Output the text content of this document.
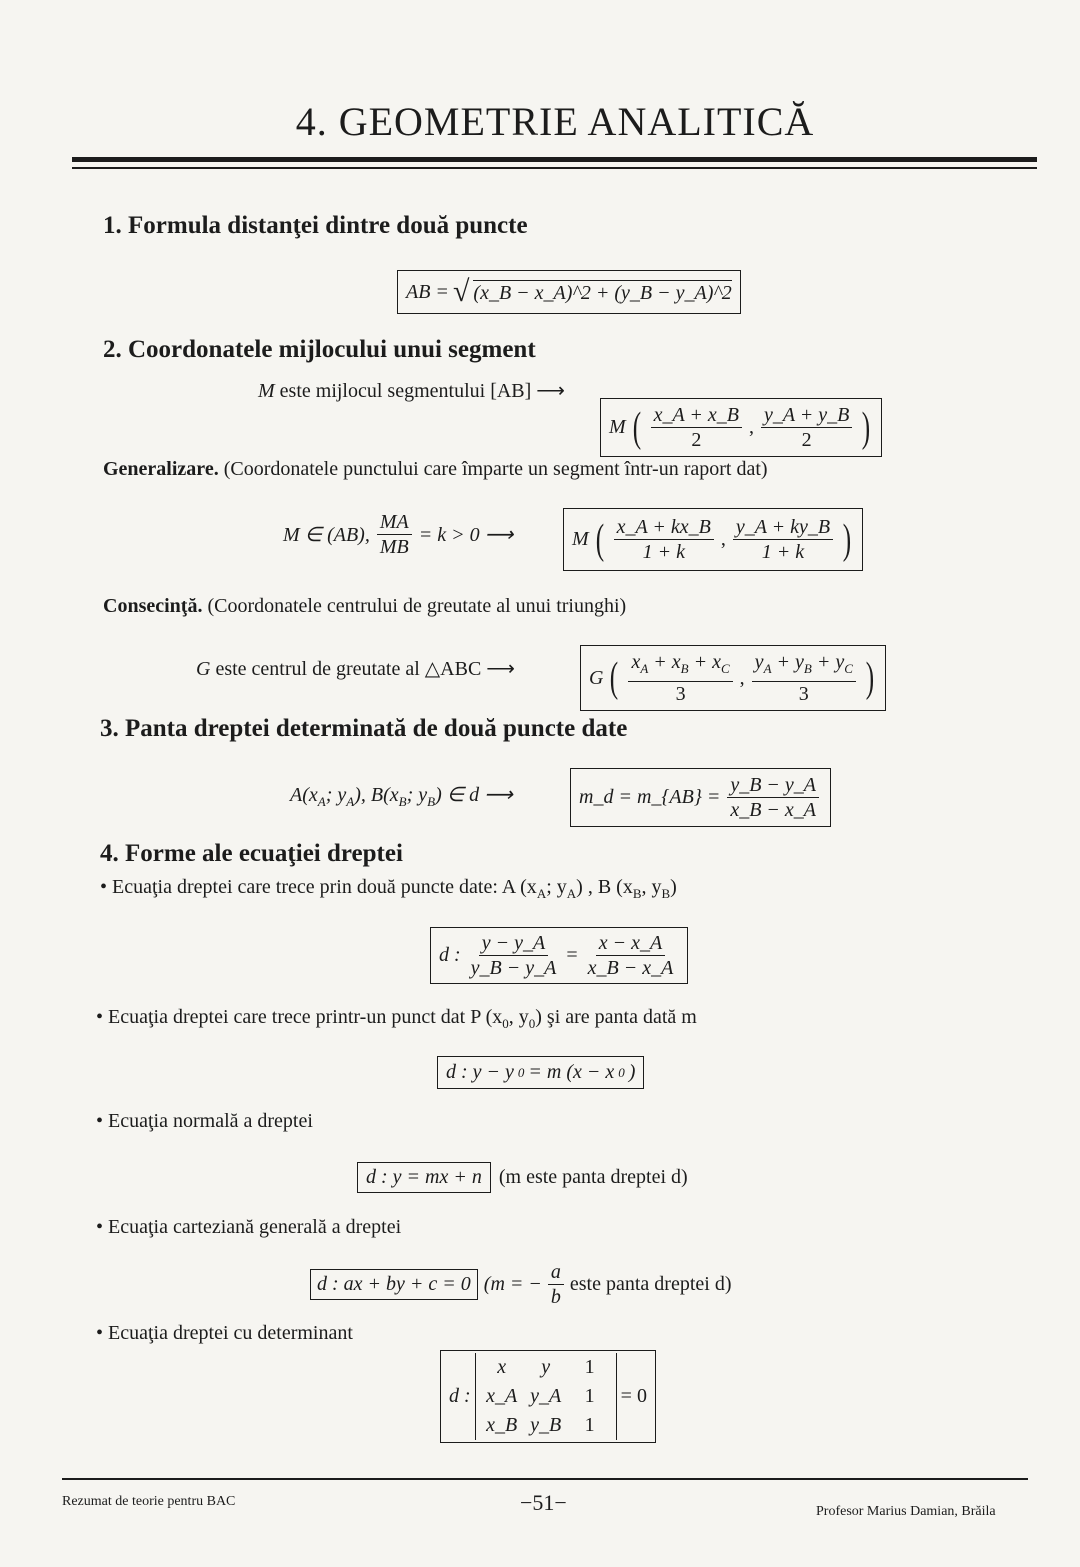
4. GEOMETRIE ANALITICĂ
1. Formula distanţei dintre două puncte
AB = √ (x_B − x_A)^2 + (y_B − y_A)^2
2. Coordonatele mijlocului unui segment
M este mijlocul segmentului [AB] ⟶
M ( $\frac{x\_A + x\_B}{2}$ , $\frac{y\_A + y\_B}{2}$ )
Generalizare. (Coordonatele punctului care împarte un segment într-un raport dat)
M ∈ (AB), $\frac{MA}{MB} = k > 0$ ⟶	M ( $\frac{x\_A + kx\_B}{1 + k}$ , $\frac{y\_A + ky\_B}{1 + k}$ )
Consecinţă. (Coordonatele centrului de greutate al unui triunghi)
G este centrul de greutate al △ABC ⟶	G ( $\frac{x_A + x_B + x_C}{3}$ , $\frac{y_A + y_B + y_C}{3}$ )
3. Panta dreptei determinată de două puncte date
$A(x_A$; $y_A$), $B(x_B$; $y_B$) ∈ d ⟶	m_d = m_{AB} = $\frac{y\_B - y\_A}{x\_B - x\_A}$
4. Forme ale ecuaţiei dreptei
• Ecuaţia dreptei care trece prin două puncte date: A ($x_A$; $y_A$) , B ($x_B$, $y_B$)
d : $\frac{y - y\_A}{y\_B - y\_A} = \frac{x - x\_A}{x\_B - x\_A}$
• Ecuaţia dreptei care trece printr-un punct dat P ($x_0$, $y_0$) şi are panta dată m
d : y − y 0 = m (x − x 0 )
• Ecuaţia normală a dreptei
d : y = mx + n (m este panta dreptei d)
• Ecuaţia carteziană generală a dreptei
d : ax + by + c = 0 (m = − $\frac{a}{b}$ este panta dreptei d)
• Ecuaţia dreptei cu determinant
d :
x	y	1
x_A y_A	1
x_B y_B	1
= 0
Rezumat de teorie pentru BAC	−51−	Profesor Marius Damian, Brăila
